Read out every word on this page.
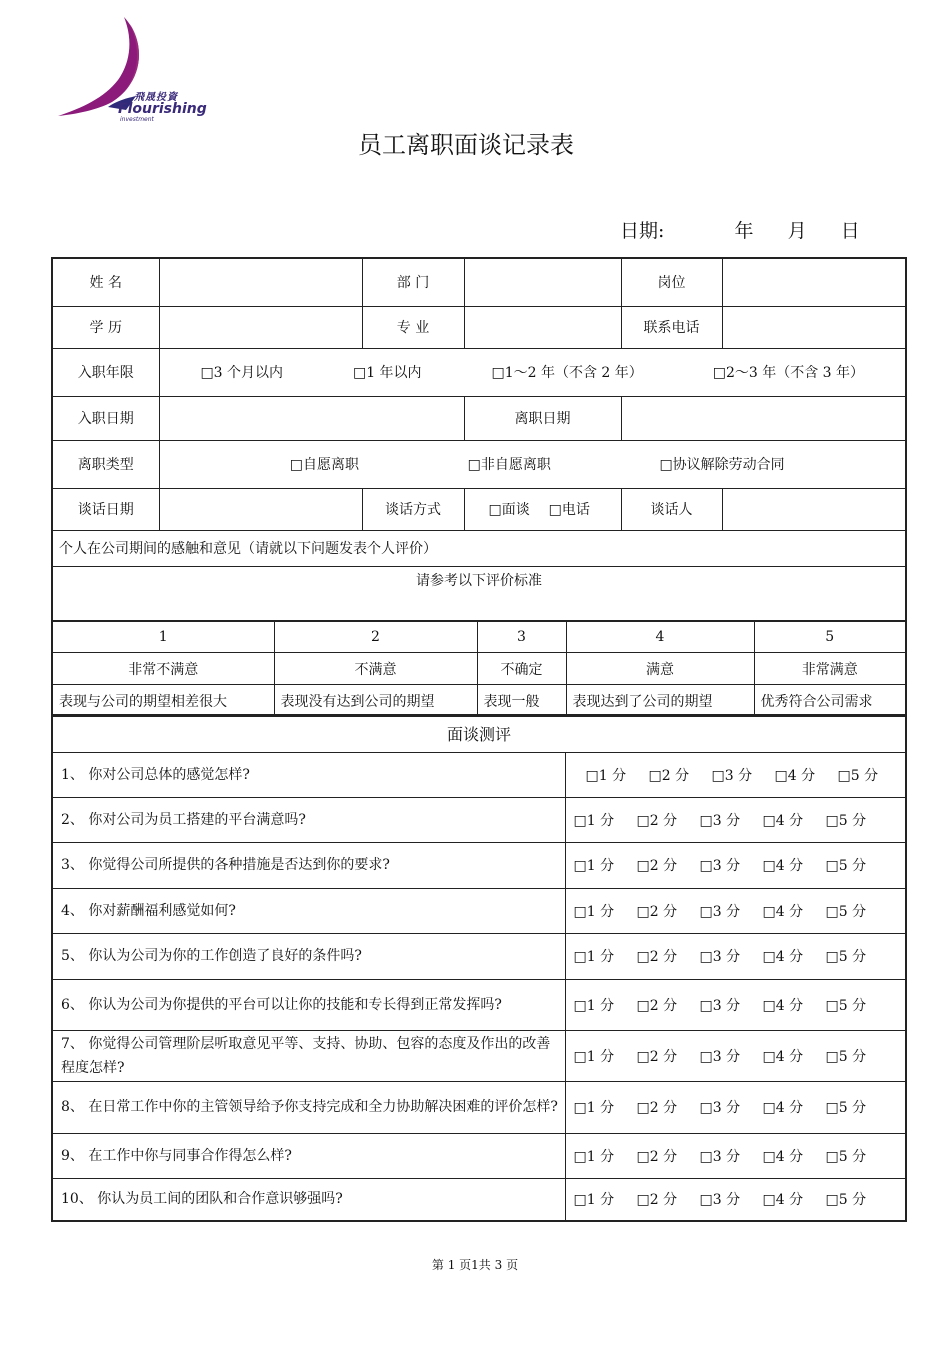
飛晟投資
Flourishing
investment
员工离职面谈记录表
日期:	年 月 日
姓 名		部 门		岗位	
学 历		专 业		联系电话	
入职年限	□3 个月以内 □1 年以内 □1～2 年（不含 2 年） □2～3 年（不含 3 年）				

入职日期			离职日期		
离职类型	□自愿离职 □非自愿离职 □协议解除劳动合同				

谈话日期		谈话方式	□面谈 □电话	谈话人	
个人在公司期间的感触和意见（请就以下问题发表个人评价）					
请参考以下评价标准					
1	2	3	4	5
非常不满意	不满意	不确定	满意	非常满意
表现与公司的期望相差很大	表现没有达到公司的期望	表现一般	表现达到了公司的期望	优秀符合公司需求
面谈测评	
1、 你对公司总体的感觉怎样?	□1 分 □2 分 □3 分 □4 分 □5 分
2、 你对公司为员工搭建的平台满意吗?	□1 分 □2 分 □3 分 □4 分 □5 分
3、 你觉得公司所提供的各种措施是否达到你的要求?	□1 分 □2 分 □3 分 □4 分 □5 分
4、 你对薪酬福利感觉如何?	□1 分 □2 分 □3 分 □4 分 □5 分
5、 你认为公司为你的工作创造了良好的条件吗?	□1 分 □2 分 □3 分 □4 分 □5 分
6、 你认为公司为你提供的平台可以让你的技能和专长得到正常发挥吗?	□1 分 □2 分 □3 分 □4 分 □5 分
7、 你觉得公司管理阶层听取意见平等、支持、协助、包容的态度及作出的改善程度怎样?	□1 分 □2 分 □3 分 □4 分 □5 分
8、 在日常工作中你的主管领导给予你支持完成和全力协助解决困难的评价怎样?	□1 分 □2 分 □3 分 □4 分 □5 分
9、 在工作中你与同事合作得怎么样?	□1 分 □2 分 □3 分 □4 分 □5 分
10、 你认为员工间的团队和合作意识够强吗?	□1 分 □2 分 □3 分 □4 分 □5 分
第 1 页1共 3 页
